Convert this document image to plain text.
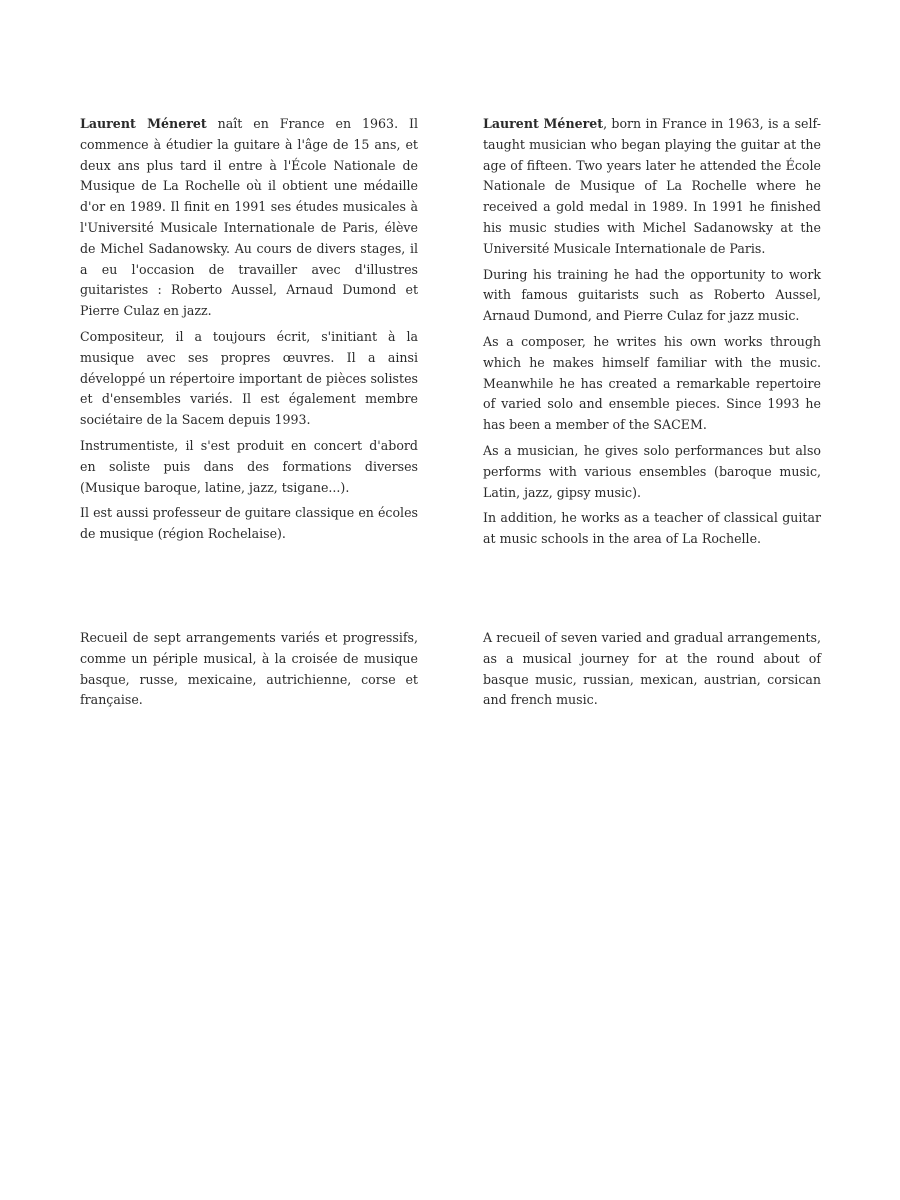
Laurent Méneret naît en France en 1963. Il commence à étudier la guitare à l'âge de 15 ans, et deux ans plus tard il entre à l'École Nationale de Musique de La Rochelle où il obtient une médaille d'or en 1989. Il finit en 1991 ses études musicales à l'Université Musicale Internationale de Paris, élève de Michel Sadanowsky. Au cours de divers stages, il a eu l'occasion de travailler avec d'illustres guitaristes : Roberto Aussel, Arnaud Dumond et Pierre Culaz en jazz.

Compositeur, il a toujours écrit, s'initiant à la musique avec ses propres œuvres. Il a ainsi développé un répertoire important de pièces solistes et d'ensembles variés. Il est également membre sociétaire de la Sacem depuis 1993.

Instrumentiste, il s'est produit en concert d'abord en soliste puis dans des formations diverses (Musique baroque, latine, jazz, tsigane...).

Il est aussi professeur de guitare classique en écoles de musique (région Rochelaise).

Laurent Méneret, born in France in 1963, is a self-taught musician who began playing the guitar at the age of fifteen. Two years later he attended the École Nationale de Musique of La Rochelle where he received a gold medal in 1989. In 1991 he finished his music studies with Michel Sadanowsky at the Université Musicale Internationale de Paris.

During his training he had the opportunity to work with famous guitarists such as Roberto Aussel, Arnaud Dumond, and Pierre Culaz for jazz music.

As a composer, he writes his own works through which he makes himself familiar with the music. Meanwhile he has created a remarkable repertoire of varied solo and ensemble pieces. Since 1993 he has been a member of the SACEM.

As a musician, he gives solo performances but also performs with various ensembles (baroque music, Latin, jazz, gipsy music).

In addition, he works as a teacher of classical guitar at music schools in the area of La Rochelle.

Recueil de sept arrangements variés et progressifs, comme un périple musical, à la croisée de musique basque, russe, mexicaine, autrichienne, corse et française.

A recueil of seven varied and gradual arrangements, as a musical journey for at the round about of basque music, russian, mexican, austrian, corsican and french music.
